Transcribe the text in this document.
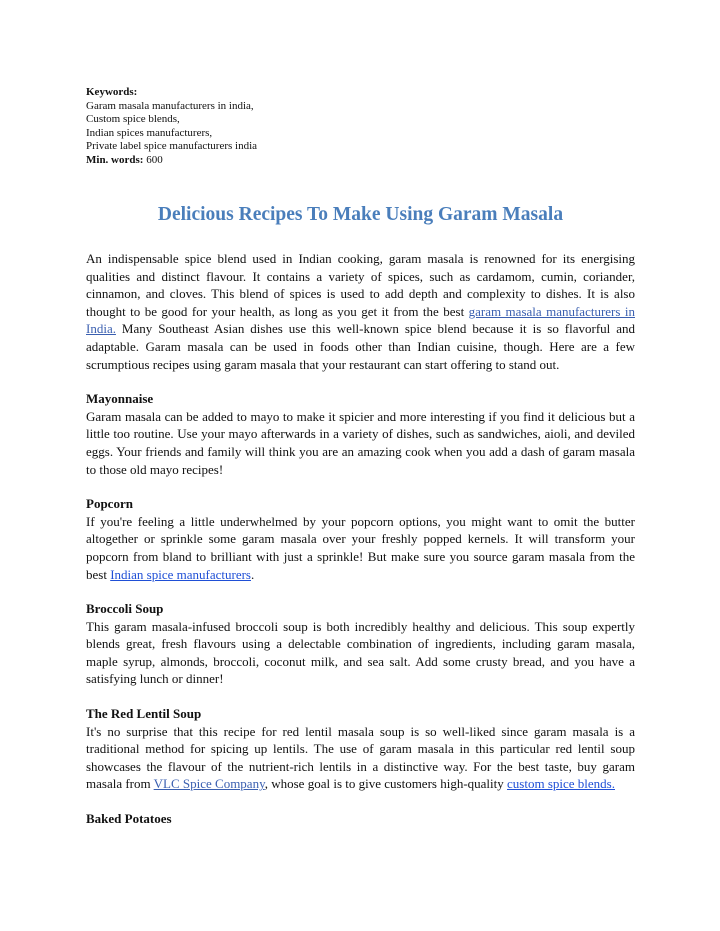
Keywords:
Garam masala manufacturers in india,
Custom spice blends,
Indian spices manufacturers,
Private label spice manufacturers india
Min. words: 600
Delicious Recipes To Make Using Garam Masala

An indispensable spice blend used in Indian cooking, garam masala is renowned for its energising qualities and distinct flavour. It contains a variety of spices, such as cardamom, cumin, coriander, cinnamon, and cloves. This blend of spices is used to add depth and complexity to dishes. It is also thought to be good for your health, as long as you get it from the best garam masala manufacturers in India. Many Southeast Asian dishes use this well-known spice blend because it is so flavorful and adaptable. Garam masala can be used in foods other than Indian cuisine, though. Here are a few scrumptious recipes using garam masala that your restaurant can start offering to stand out.

Mayonnaise

Garam masala can be added to mayo to make it spicier and more interesting if you find it delicious but a little too routine. Use your mayo afterwards in a variety of dishes, such as sandwiches, aioli, and deviled eggs. Your friends and family will think you are an amazing cook when you add a dash of garam masala to those old mayo recipes!

Popcorn

If you're feeling a little underwhelmed by your popcorn options, you might want to omit the butter altogether or sprinkle some garam masala over your freshly popped kernels. It will transform your popcorn from bland to brilliant with just a sprinkle! But make sure you source garam masala from the best Indian spice manufacturers.

Broccoli Soup

This garam masala-infused broccoli soup is both incredibly healthy and delicious. This soup expertly blends great, fresh flavours using a delectable combination of ingredients, including garam masala, maple syrup, almonds, broccoli, coconut milk, and sea salt. Add some crusty bread, and you have a satisfying lunch or dinner!

The Red Lentil Soup

It's no surprise that this recipe for red lentil masala soup is so well-liked since garam masala is a traditional method for spicing up lentils. The use of garam masala in this particular red lentil soup showcases the flavour of the nutrient-rich lentils in a distinctive way. For the best taste, buy garam masala from VLC Spice Company, whose goal is to give customers high-quality custom spice blends.

Baked Potatoes
